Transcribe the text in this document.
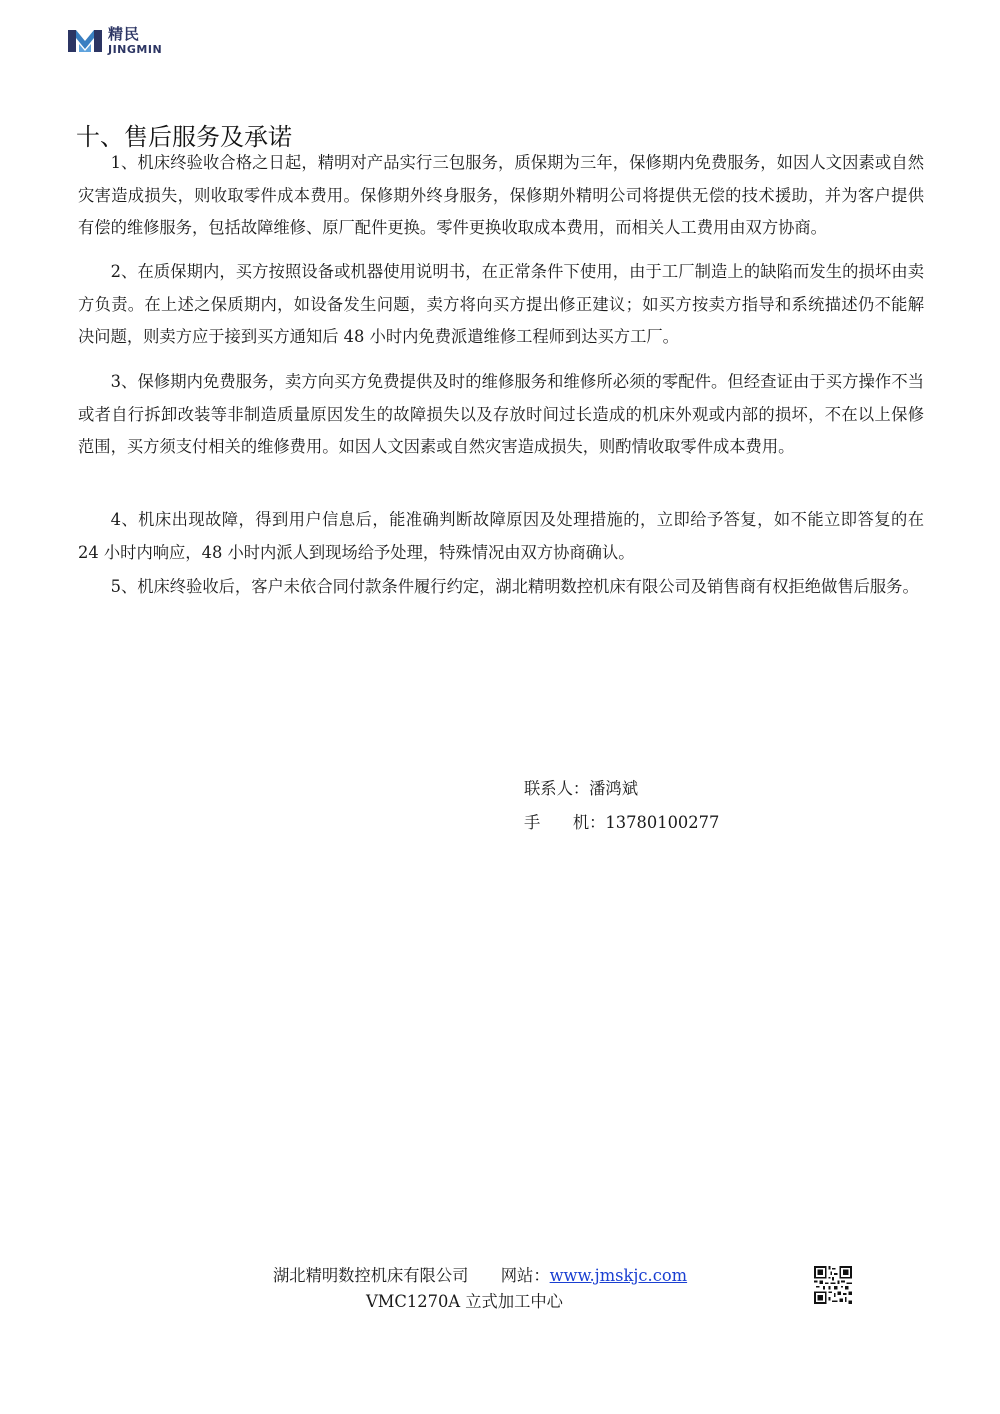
精民
JINGMIN
十、售后服务及承诺

1、机床终验收合格之日起，精明对产品实行三包服务，质保期为三年，保修期内免费服务，如因人文因素或自然灾害造成损失，则收取零件成本费用。保修期外终身服务，保修期外精明公司将提供无偿的技术援助，并为客户提供有偿的维修服务，包括故障维修、原厂配件更换。零件更换收取成本费用，而相关人工费用由双方协商。

2、在质保期内，买方按照设备或机器使用说明书，在正常条件下使用，由于工厂制造上的缺陷而发生的损坏由卖方负责。在上述之保质期内，如设备发生问题，卖方将向买方提出修正建议；如买方按卖方指导和系统描述仍不能解决问题，则卖方应于接到买方通知后 48 小时内免费派遣维修工程师到达买方工厂。

3、保修期内免费服务，卖方向买方免费提供及时的维修服务和维修所必须的零配件。但经查证由于买方操作不当或者自行拆卸改装等非制造质量原因发生的故障损失以及存放时间过长造成的机床外观或内部的损坏，不在以上保修范围，买方须支付相关的维修费用。如因人文因素或自然灾害造成损失，则酌情收取零件成本费用。

4、机床出现故障，得到用户信息后，能准确判断故障原因及处理措施的，立即给予答复，如不能立即答复的在 24 小时内响应，48 小时内派人到现场给予处理，特殊情况由双方协商确认。

5、机床终验收后，客户未依合同付款条件履行约定，湖北精明数控机床有限公司及销售商有权拒绝做售后服务。

联系人：潘鸿斌
手　　机：13780100277
湖北精明数控机床有限公司 网站：www.jmskjc.com
VMC1270A 立式加工中心
